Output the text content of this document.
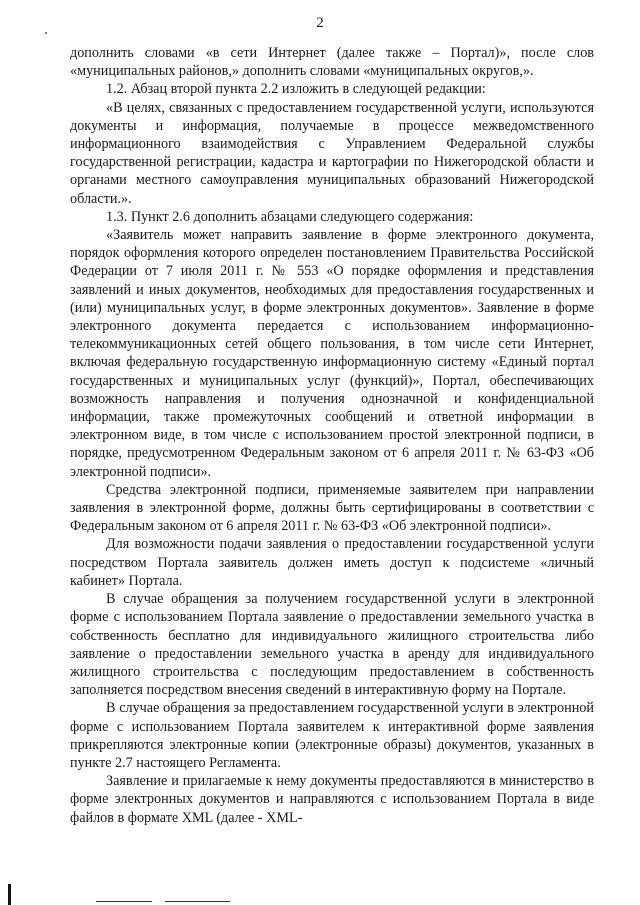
2

дополнить словами «в сети Интернет (далее также – Портал)», после слов «муниципальных районов,» дополнить словами «муниципальных округов,».

1.2. Абзац второй пункта 2.2 изложить в следующей редакции:

«В целях, связанных с предоставлением государственной услуги, используются документы и информация, получаемые в процессе межведомственного информационного взаимодействия с Управлением Федеральной службы государственной регистрации, кадастра и картографии по Нижегородской области и органами местного самоуправления муниципальных образований Нижегородской области.».

1.3. Пункт 2.6 дополнить абзацами следующего содержания:

«Заявитель может направить заявление в форме электронного документа, порядок оформления которого определен постановлением Правительства Российской Федерации от 7 июля 2011 г. № 553 «О порядке оформления и представления заявлений и иных документов, необходимых для предоставления государственных и (или) муниципальных услуг, в форме электронных документов». Заявление в форме электронного документа передается с использованием информационно-телекоммуникационных сетей общего пользования, в том числе сети Интернет, включая федеральную государственную информационную систему «Единый портал государственных и муниципальных услуг (функций)», Портал, обеспечивающих возможность направления и получения однозначной и конфиденциальной информации, также промежуточных сообщений и ответной информации в электронном виде, в том числе с использованием простой электронной подписи, в порядке, предусмотренном Федеральным законом от 6 апреля 2011 г. № 63-ФЗ «Об электронной подписи».

Средства электронной подписи, применяемые заявителем при направлении заявления в электронной форме, должны быть сертифицированы в соответствии с Федеральным законом от 6 апреля 2011 г. № 63-ФЗ «Об электронной подписи».

Для возможности подачи заявления о предоставлении государственной услуги посредством Портала заявитель должен иметь доступ к подсистеме «личный кабинет» Портала.

В случае обращения за получением государственной услуги в электронной форме с использованием Портала заявление о предоставлении земельного участка в собственность бесплатно для индивидуального жилищного строительства либо заявление о предоставлении земельного участка в аренду для индивидуального жилищного строительства с последующим предоставлением в собственность заполняется посредством внесения сведений в интерактивную форму на Портале.

В случае обращения за предоставлением государственной услуги в электронной форме с использованием Портала заявителем к интерактивной форме заявления прикрепляются электронные копии (электронные образы) документов, указанных в пункте 2.7 настоящего Регламента.

Заявление и прилагаемые к нему документы предоставляются в министерство в форме электронных документов и направляются с использованием Портала в виде файлов в формате XML (далее - XML-
